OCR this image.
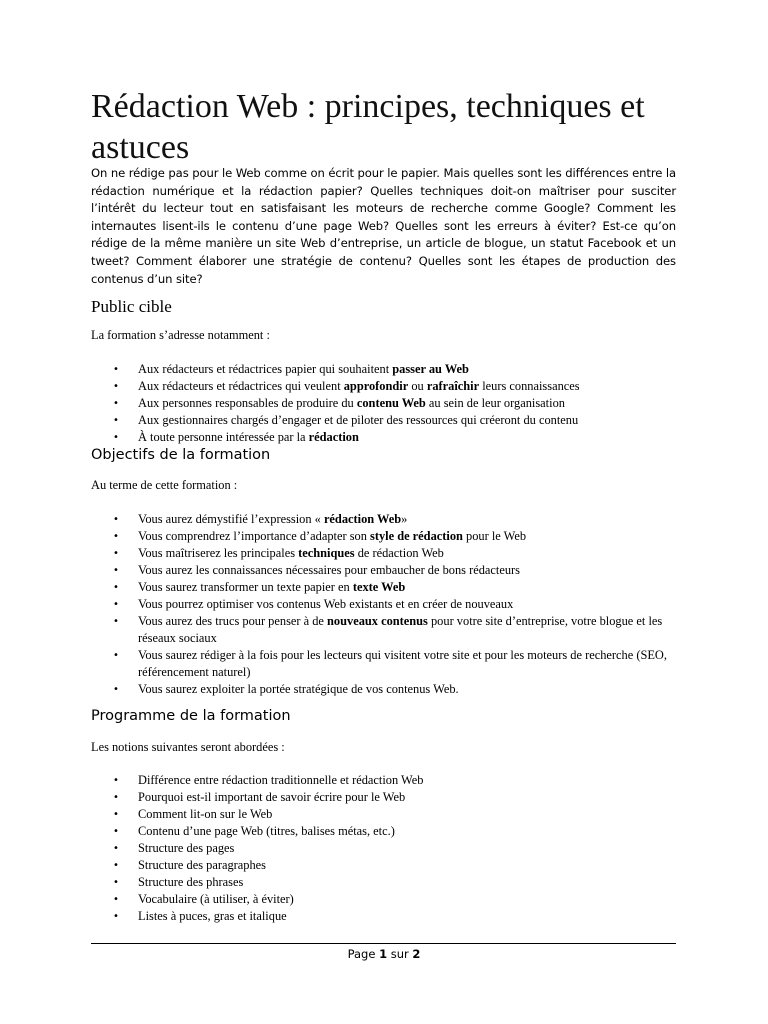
Rédaction Web : principes, techniques et astuces

On ne rédige pas pour le Web comme on écrit pour le papier. Mais quelles sont les différences entre la rédaction numérique et la rédaction papier? Quelles techniques doit-on maîtriser pour susciter l’intérêt du lecteur tout en satisfaisant les moteurs de recherche comme Google? Comment les internautes lisent-ils le contenu d’une page Web? Quelles sont les erreurs à éviter? Est-ce qu’on rédige de la même manière un site Web d’entreprise, un article de blogue, un statut Facebook et un tweet? Comment élaborer une stratégie de contenu? Quelles sont les étapes de production des contenus d’un site?

Public cible

La formation s’adresse notamment :

• Aux rédacteurs et rédactrices papier qui souhaitent passer au Web
• Aux rédacteurs et rédactrices qui veulent approfondir ou rafraîchir leurs connaissances
• Aux personnes responsables de produire du contenu Web au sein de leur organisation
• Aux gestionnaires chargés d’engager et de piloter des ressources qui créeront du contenu
• À toute personne intéressée par la rédaction
Objectifs de la formation

Au terme de cette formation :

• Vous aurez démystifié l’expression « rédaction Web»
• Vous comprendrez l’importance d’adapter son style de rédaction pour le Web
• Vous maîtriserez les principales techniques de rédaction Web
• Vous aurez les connaissances nécessaires pour embaucher de bons rédacteurs
• Vous saurez transformer un texte papier en texte Web
• Vous pourrez optimiser vos contenus Web existants et en créer de nouveaux
• Vous aurez des trucs pour penser à de nouveaux contenus pour votre site d’entreprise, votre blogue et les réseaux sociaux
• Vous saurez rédiger à la fois pour les lecteurs qui visitent votre site et pour les moteurs de recherche (SEO, référencement naturel)
• Vous saurez exploiter la portée stratégique de vos contenus Web.
Programme de la formation

Les notions suivantes seront abordées :

• Différence entre rédaction traditionnelle et rédaction Web
• Pourquoi est-il important de savoir écrire pour le Web
• Comment lit-on sur le Web
• Contenu d’une page Web (titres, balises métas, etc.)
• Structure des pages
• Structure des paragraphes
• Structure des phrases
• Vocabulaire (à utiliser, à éviter)
• Listes à puces, gras et italique
Page 1 sur 2
